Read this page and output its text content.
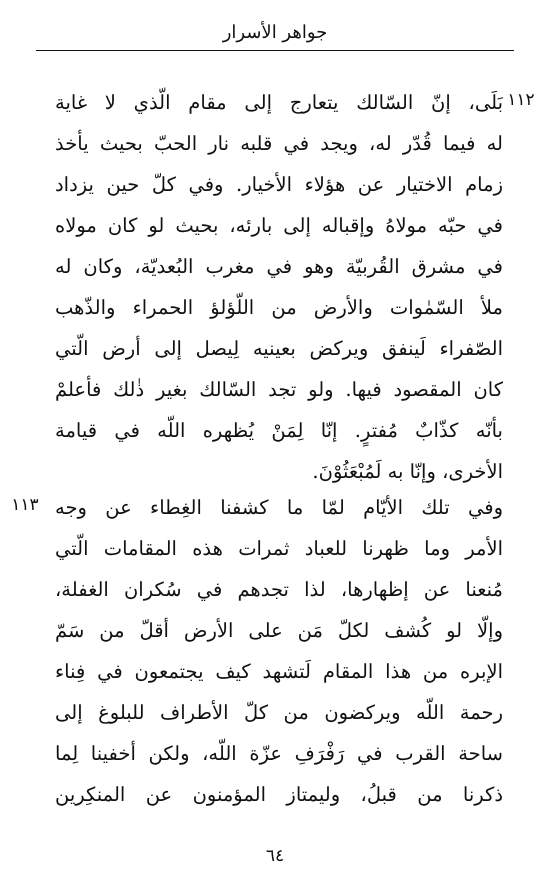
جواهر الأسرار
١١٢
بَلَى، إنّ السّالك يتعارج إلى مقام الّذي لا غاية
له فيما قُدّر له، ويجد في قلبه نار الحبّ بحيث يأخذ
زمام الاختيار عن هؤلاء الأخيار. وفي كلّ حين يزداد
في حبّه مولاهُ وإقباله إلى بارئه، بحيث لو كان مولاه
في مشرق القُربيّة وهو في مغرب البُعديّة، وكان له
ملأ السّمٰوات والأرض من اللّؤلؤ الحمراء والذّهب
الصّفراء لَينفق ويركض بعينيه لِيصل إلى أرض الّتي
كان المقصود فيها. ولو تجد السّالك بغير ذٰلك فأعلمْ
بأنّه كذّابٌ مُفترٍ. إنّا لِمَنْ يُظهره اللّه في قيامة
الأخرى، وإنّا به لَمُبْعَثُوْنَ.
١١٣ وفي تلك الأيّام لمّا ما كشفنا الغِطاء عن وجه
الأمر وما ظهرنا للعباد ثمرات هذه المقامات الّتي
مُنعنا عن إظهارها، لذا تجدهم في سُكران الغفلة،
وإلّا لو كُشف لكلّ مَن على الأرض أقلّ من سَمّ
الإبره من هذا المقام لَتشهد كيف يجتمعون في فِناء
رحمة اللّه ويركضون من كلّ الأطراف للبلوغ إلى
ساحة القرب في رَفْرَفِ عزّة اللّه، ولكن أخفينا لِما
ذكرنا من قبلُ، وليمتاز المؤمنون عن المنكِرين
٦٤
